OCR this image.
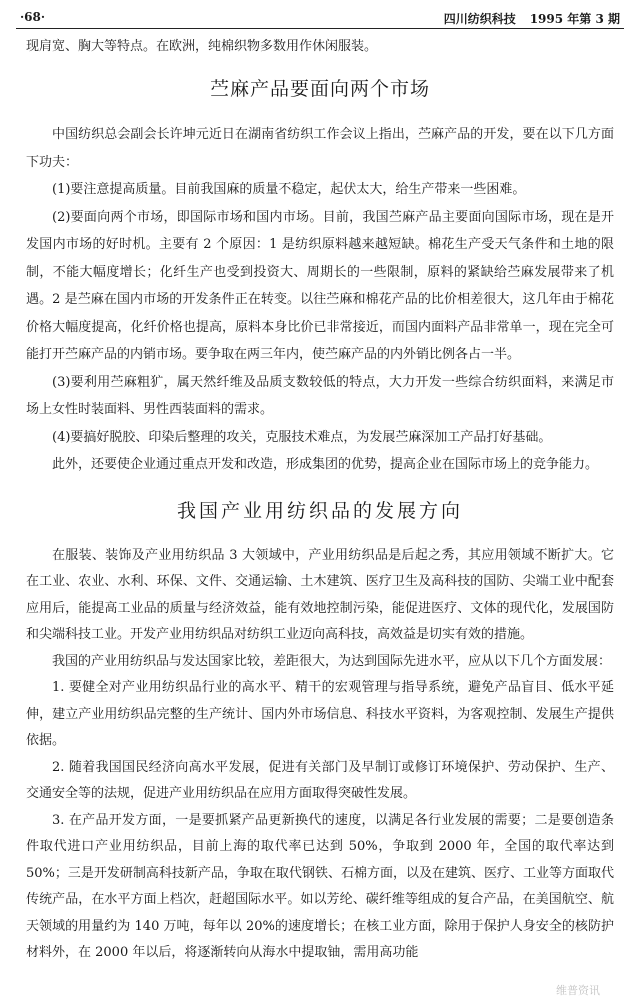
·68·	四川纺织科技 1995 年第 3 期

现肩宽、胸大等特点。在欧洲，纯棉织物多数用作休闲服装。

苎麻产品要面向两个市场

中国纺织总会副会长许坤元近日在湖南省纺织工作会议上指出，苎麻产品的开发，要在以下几方面下功夫：

(1)要注意提高质量。目前我国麻的质量不稳定，起伏太大，给生产带来一些困难。

(2)要面向两个市场，即国际市场和国内市场。目前，我国苎麻产品主要面向国际市场，现在是开发国内市场的好时机。主要有 2 个原因：1 是纺织原料越来越短缺。棉花生产受天气条件和土地的限制，不能大幅度增长；化纤生产也受到投资大、周期长的一些限制，原料的紧缺给苎麻发展带来了机遇。2 是苎麻在国内市场的开发条件正在转变。以往苎麻和棉花产品的比价相差很大，这几年由于棉花价格大幅度提高，化纤价格也提高，原料本身比价已非常接近，而国内面料产品非常单一，现在完全可能打开苎麻产品的内销市场。要争取在两三年内，使苎麻产品的内外销比例各占一半。

(3)要利用苎麻粗犷，属天然纤维及品质支数较低的特点，大力开发一些综合纺织面料，来满足市场上女性时装面料、男性西装面料的需求。

(4)要搞好脱胶、印染后整理的攻关，克服技术难点，为发展苎麻深加工产品打好基础。

此外，还要使企业通过重点开发和改造，形成集团的优势，提高企业在国际市场上的竞争能力。

我国产业用纺织品的发展方向

在服装、装饰及产业用纺织品 3 大领域中，产业用纺织品是后起之秀，其应用领域不断扩大。它在工业、农业、水利、环保、文件、交通运输、土木建筑、医疗卫生及高科技的国防、尖端工业中配套应用后，能提高工业品的质量与经济效益，能有效地控制污染，能促进医疗、文体的现代化，发展国防和尖端科技工业。开发产业用纺织品对纺织工业迈向高科技，高效益是切实有效的措施。

我国的产业用纺织品与发达国家比较，差距很大，为达到国际先进水平，应从以下几个方面发展：

1. 要健全对产业用纺织品行业的高水平、精干的宏观管理与指导系统，避免产品盲目、低水平延伸，建立产业用纺织品完整的生产统计、国内外市场信息、科技水平资料，为客观控制、发展生产提供依据。

2. 随着我国国民经济向高水平发展，促进有关部门及早制订或修订环境保护、劳动保护、生产、交通安全等的法规，促进产业用纺织品在应用方面取得突破性发展。

3. 在产品开发方面，一是要抓紧产品更新换代的速度，以满足各行业发展的需要；二是要创造条件取代进口产业用纺织品，目前上海的取代率已达到 50%，争取到 2000 年，全国的取代率达到 50%；三是开发研制高科技新产品，争取在取代钢铁、石棉方面，以及在建筑、医疗、工业等方面取代传统产品，在水平方面上档次，赶超国际水平。如以芳纶、碳纤维等组成的复合产品，在美国航空、航天领域的用量约为 140 万吨，每年以 20%的速度增长；在核工业方面，除用于保护人身安全的核防护材料外，在 2000 年以后，将逐渐转向从海水中提取铀，需用高功能

维普资讯
